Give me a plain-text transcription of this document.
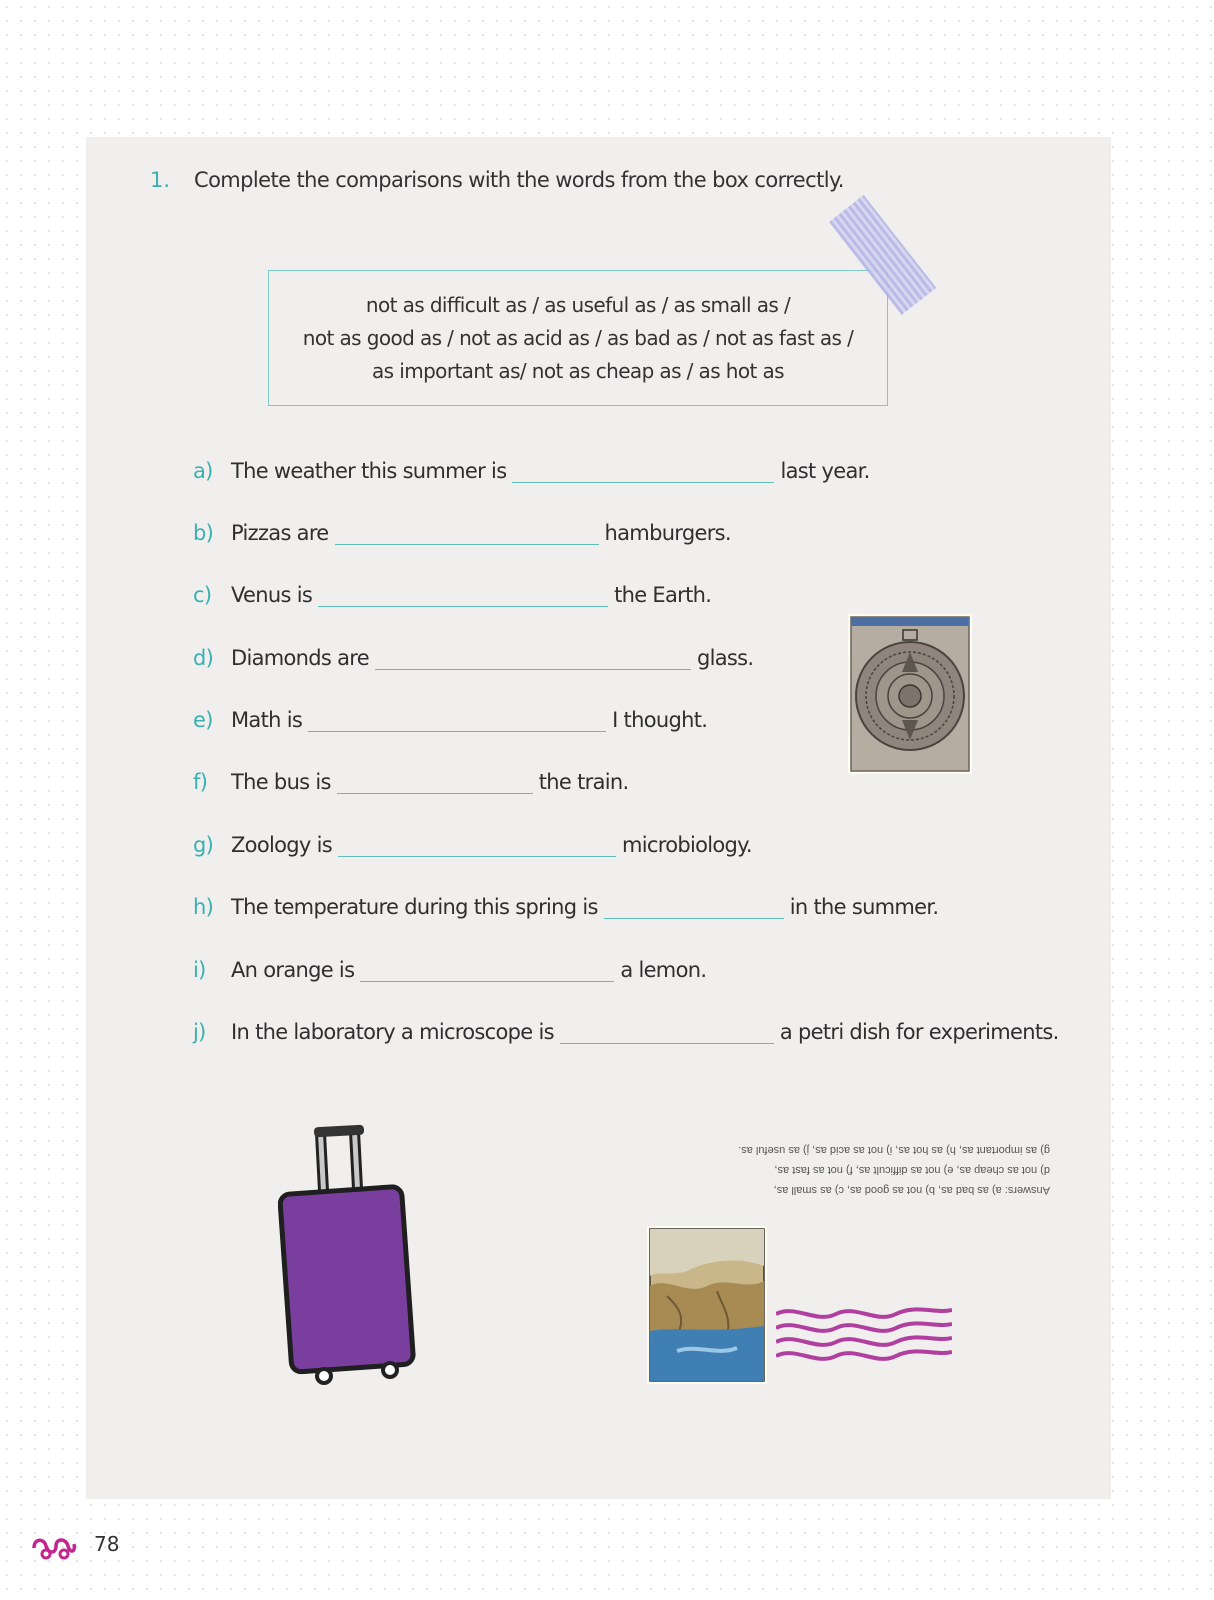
1. Complete the comparisons with the words from the box correctly.
not as difficult as / as useful as / as small as /
not as good as / not as acid as / as bad as / not as fast as /
as important as/ not as cheap as / as hot as
a) The weather this summer is	last year.
b) Pizzas are	hamburgers.
c) Venus is	the Earth.
d) Diamonds are	glass.
e) Math is	I thought.
f)	The bus is	the train.
g) Zoology is	microbiology.
h) The temperature during this spring is	in the summer.
i)	An orange is	a lemon.
j)	In the laboratory a microscope is	a petri dish for experiments.
Answers: a) as bad as, b) not as good as, c) as small as,
d) not as cheap as, e) not as difficult as, f) not as fast as,
g) as important as, h) as hot as, i) not as acid as, j) as useful as.
78
